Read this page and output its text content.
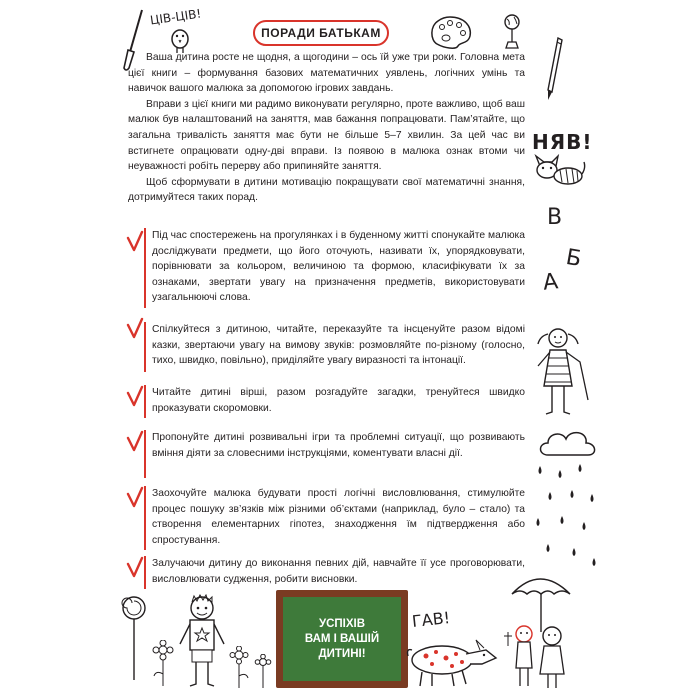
ПОРАДИ БАТЬКАМ

Ваша дитина росте не щодня, а щогодини – ось їй уже три роки. Головна мета цієї книги – формування базових математичних уявлень, логічних умінь та навичок вашого малюка за допомогою ігрових завдань.

Вправи з цієї книги ми радимо виконувати регулярно, проте важливо, щоб ваш малюк був налаштований на заняття, мав бажання попрацювати. Пам’ятайте, що загальна тривалість заняття має бути не більше 5–7 хвилин. За цей час ви встигнете опрацювати одну-дві вправи. Із появою в малюка ознак втоми чи неуважності робіть перерву або припиняйте заняття.

Щоб сформувати в дитини мотивацію покращувати свої математичні знання, дотримуйтеся таких порад.

Під час спостережень на прогулянках і в буденному житті спонукайте малюка досліджувати предмети, що його оточують, називати їх, упорядковувати, порівнювати за кольором, величиною та формою, класифікувати їх за ознаками, звертати увагу на призначення предметів, використовувати узагальнюючі слова.
Спілкуйтеся з дитиною, читайте, переказуйте та інсценуйте разом відомі казки, звертаючи увагу на вимову звуків: розмовляйте по-різному (голосно, тихо, швидко, повільно), приділяйте увагу виразності та інтонації.
Читайте дитині вірші, разом розгадуйте загадки, тренуйтеся швидко проказувати скоромовки.
Пропонуйте дитині розвивальні ігри та проблемні ситуації, що розвивають вміння діяти за словесними інструкціями, коментувати власні дії.
Заохочуйте малюка будувати прості логічні висловлювання, стимулюйте процес пошуку зв’язків між різними об’єктами (наприклад, було – стало) та створення елементарних гіпотез, знаходження їм підтвердження або спростування.
Залучаючи дитину до виконання певних дій, навчайте її усе проговорювати, висловлювати судження, робити висновки.
ЦІВ-ЦІВ!
НЯВ!
В
Б
А
УСПІХІВ
ВАМ І ВАШІЙ
ДИТИНІ!
ГАВ!
